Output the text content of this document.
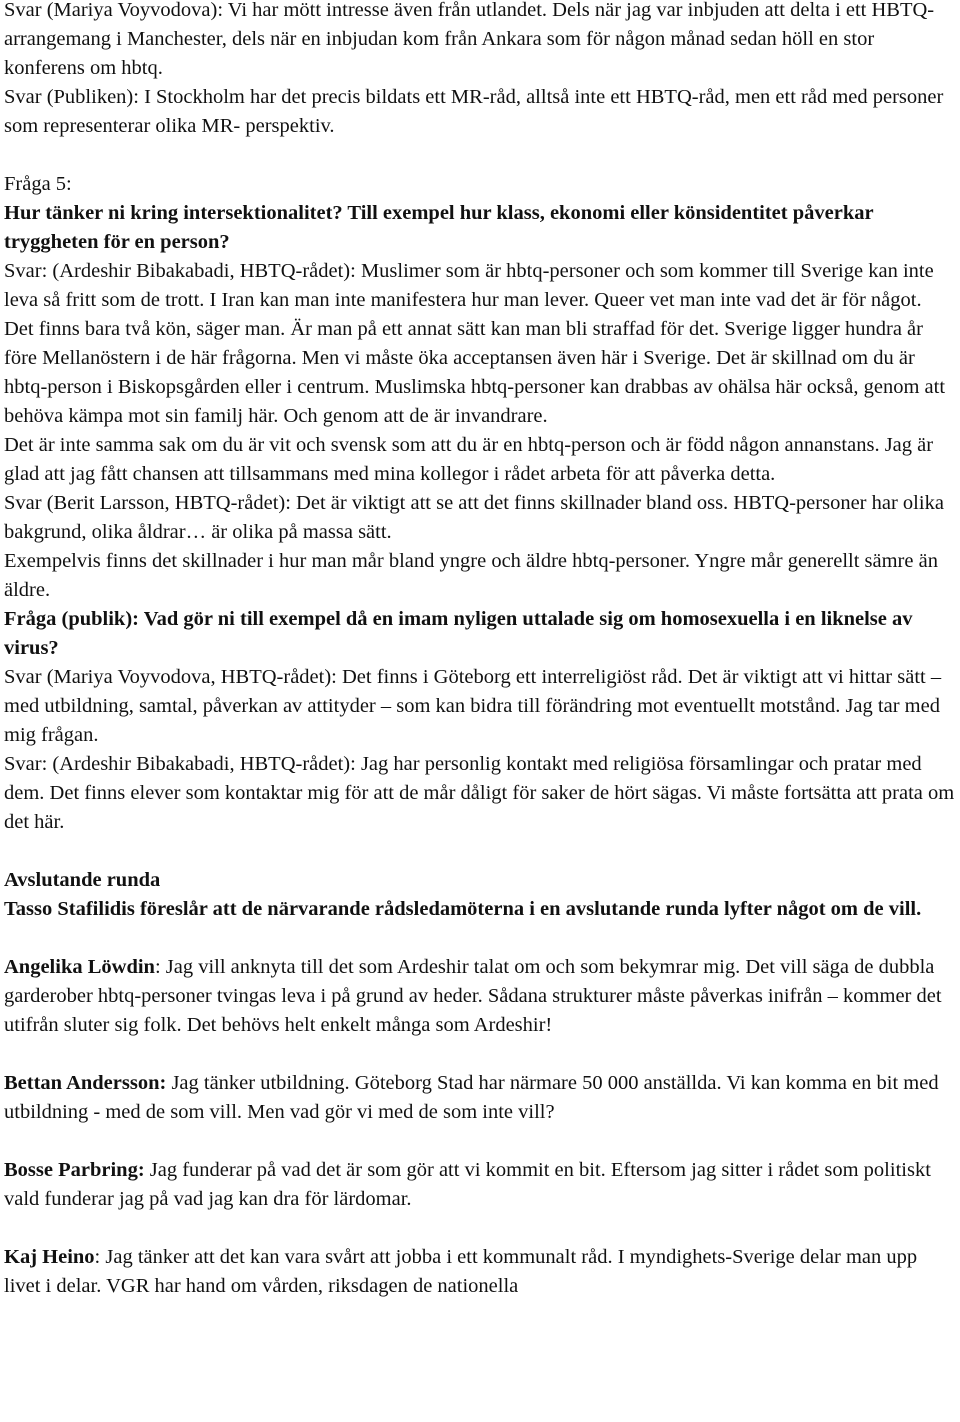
Svar (Mariya Voyvodova): Vi har mött intresse även från utlandet. Dels när jag var inbjuden att delta i ett HBTQ-arrangemang i Manchester, dels när en inbjudan kom från Ankara som för någon månad sedan höll en stor konferens om hbtq.

Svar (Publiken): I Stockholm har det precis bildats ett MR-råd, alltså inte ett HBTQ-råd, men ett råd med personer som representerar olika MR- perspektiv.

Fråga 5:

Hur tänker ni kring intersektionalitet? Till exempel hur klass, ekonomi eller könsidentitet påverkar tryggheten för en person?

Svar: (Ardeshir Bibakabadi, HBTQ-rådet): Muslimer som är hbtq-personer och som kommer till Sverige kan inte leva så fritt som de trott. I Iran kan man inte manifestera hur man lever. Queer vet man inte vad det är för något. Det finns bara två kön, säger man. Är man på ett annat sätt kan man bli straffad för det. Sverige ligger hundra år före Mellanöstern i de här frågorna. Men vi måste öka acceptansen även här i Sverige. Det är skillnad om du är hbtq-person i Biskopsgården eller i centrum. Muslimska hbtq-personer kan drabbas av ohälsa här också, genom att behöva kämpa mot sin familj här. Och genom att de är invandrare.

Det är inte samma sak om du är vit och svensk som att du är en hbtq-person och är född någon annanstans. Jag är glad att jag fått chansen att tillsammans med mina kollegor i rådet arbeta för att påverka detta.

Svar (Berit Larsson, HBTQ-rådet): Det är viktigt att se att det finns skillnader bland oss. HBTQ-personer har olika bakgrund, olika åldrar… är olika på massa sätt.

Exempelvis finns det skillnader i hur man mår bland yngre och äldre hbtq-personer. Yngre mår generellt sämre än äldre.

Fråga (publik): Vad gör ni till exempel då en imam nyligen uttalade sig om homosexuella i en liknelse av virus?

Svar (Mariya Voyvodova, HBTQ-rådet): Det finns i Göteborg ett interreligiöst råd. Det är viktigt att vi hittar sätt – med utbildning, samtal, påverkan av attityder – som kan bidra till förändring mot eventuellt motstånd. Jag tar med mig frågan.

Svar: (Ardeshir Bibakabadi, HBTQ-rådet): Jag har personlig kontakt med religiösa församlingar och pratar med dem. Det finns elever som kontaktar mig för att de mår dåligt för saker de hört sägas. Vi måste fortsätta att prata om det här.

Avslutande runda

Tasso Stafilidis föreslår att de närvarande rådsledamöterna i en avslutande runda lyfter något om de vill.

Angelika Löwdin: Jag vill anknyta till det som Ardeshir talat om och som bekymrar mig. Det vill säga de dubbla garderober hbtq-personer tvingas leva i på grund av heder. Sådana strukturer måste påverkas inifrån – kommer det utifrån sluter sig folk. Det behövs helt enkelt många som Ardeshir!

Bettan Andersson: Jag tänker utbildning. Göteborg Stad har närmare 50 000 anställda. Vi kan komma en bit med utbildning - med de som vill. Men vad gör vi med de som inte vill?

Bosse Parbring: Jag funderar på vad det är som gör att vi kommit en bit. Eftersom jag sitter i rådet som politiskt vald funderar jag på vad jag kan dra för lärdomar.

Kaj Heino: Jag tänker att det kan vara svårt att jobba i ett kommunalt råd. I myndighets-Sverige delar man upp livet i delar. VGR har hand om vården, riksdagen de nationella
